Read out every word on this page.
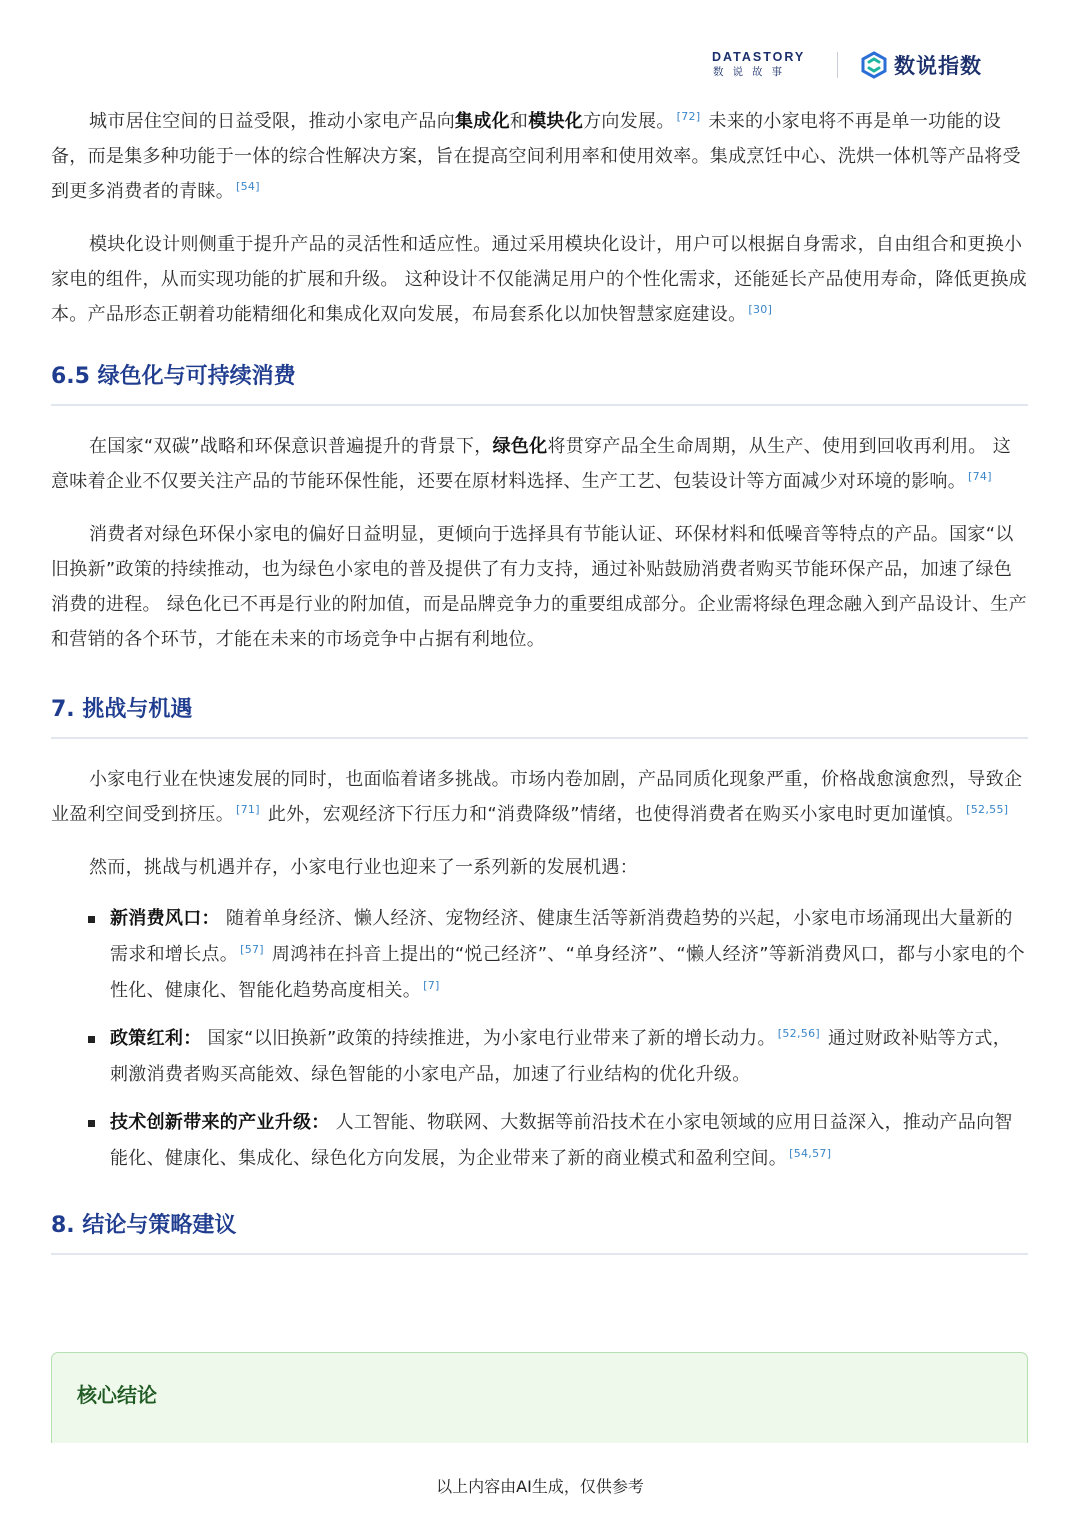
DATASTORY
数说故事	数说指数

城市居住空间的日益受限，推动小家电产品向集成化和模块化方向发展。 [72] 未来的小家电将不再是单一功能的设备，而是集多种功能于一体的综合性解决方案，旨在提高空间利用率和使用效率。集成烹饪中心、洗烘一体机等产品将受到更多消费者的青睐。 [54]

模块化设计则侧重于提升产品的灵活性和适应性。通过采用模块化设计，用户可以根据自身需求，自由组合和更换小家电的组件，从而实现功能的扩展和升级。 这种设计不仅能满足用户的个性化需求，还能延长产品使用寿命，降低更换成本。产品形态正朝着功能精细化和集成化双向发展，布局套系化以加快智慧家庭建设。 [30]

6.5 绿色化与可持续消费

在国家“双碳”战略和环保意识普遍提升的背景下，绿色化将贯穿产品全生命周期，从生产、使用到回收再利用。 这意味着企业不仅要关注产品的节能环保性能，还要在原材料选择、生产工艺、包装设计等方面减少对环境的影响。 [74]

消费者对绿色环保小家电的偏好日益明显，更倾向于选择具有节能认证、环保材料和低噪音等特点的产品。国家“以旧换新”政策的持续推动，也为绿色小家电的普及提供了有力支持，通过补贴鼓励消费者购买节能环保产品，加速了绿色消费的进程。 绿色化已不再是行业的附加值，而是品牌竞争力的重要组成部分。企业需将绿色理念融入到产品设计、生产和营销的各个环节，才能在未来的市场竞争中占据有利地位。

7. 挑战与机遇

小家电行业在快速发展的同时，也面临着诸多挑战。市场内卷加剧，产品同质化现象严重，价格战愈演愈烈，导致企业盈利空间受到挤压。 [71] 此外，宏观经济下行压力和“消费降级”情绪，也使得消费者在购买小家电时更加谨慎。 [52,55]

然而，挑战与机遇并存，小家电行业也迎来了一系列新的发展机遇：

新消费风口： 随着单身经济、懒人经济、宠物经济、健康生活等新消费趋势的兴起，小家电市场涌现出大量新的需求和增长点。 [57] 周鸿祎在抖音上提出的“悦己经济”、“单身经济”、“懒人经济”等新消费风口，都与小家电的个性化、健康化、智能化趋势高度相关。 [7]
政策红利： 国家“以旧换新”政策的持续推进，为小家电行业带来了新的增长动力。 [52,56] 通过财政补贴等方式，刺激消费者购买高能效、绿色智能的小家电产品，加速了行业结构的优化升级。
技术创新带来的产业升级： 人工智能、物联网、大数据等前沿技术在小家电领域的应用日益深入，推动产品向智能化、健康化、集成化、绿色化方向发展，为企业带来了新的商业模式和盈利空间。 [54,57]
8. 结论与策略建议
核心结论
以上内容由AI生成，仅供参考
